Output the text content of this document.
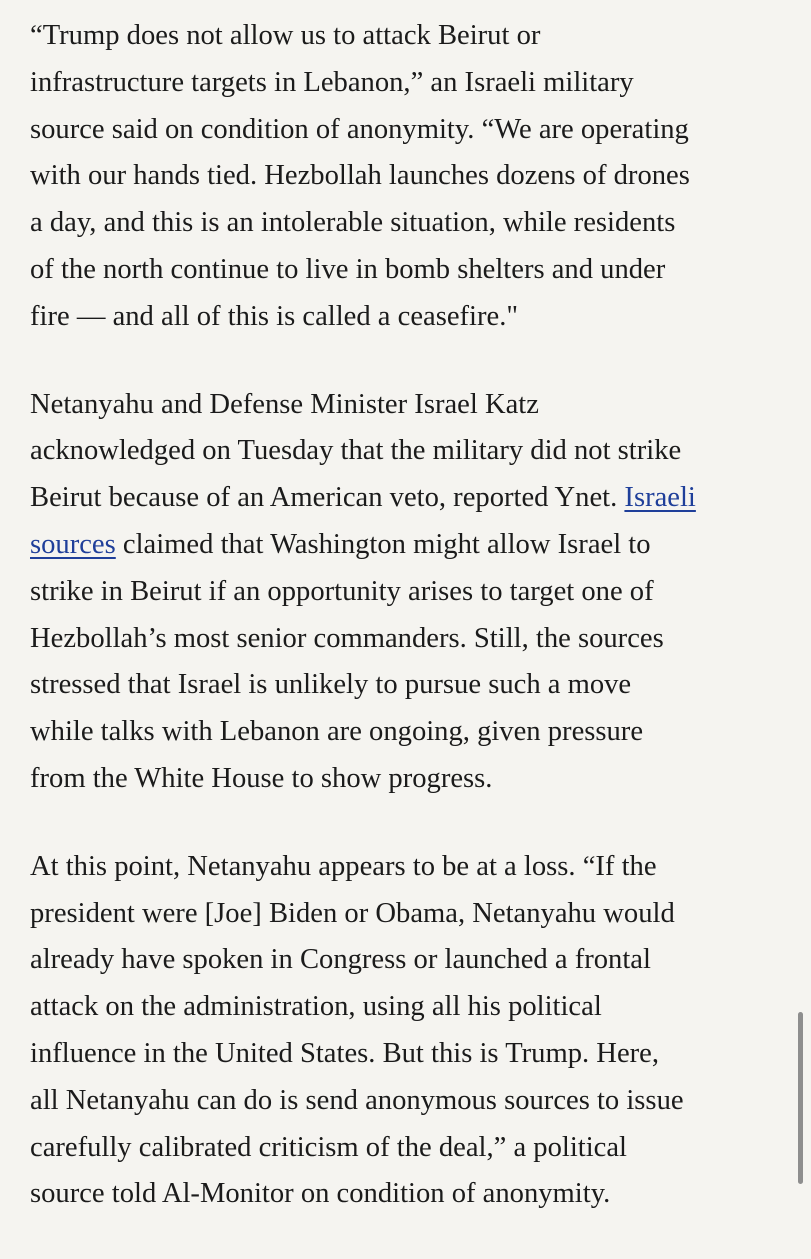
“Trump does not allow us to attack Beirut or
infrastructure targets in Lebanon,” an Israeli military
source said on condition of anonymity. “We are operating
with our hands tied. Hezbollah launches dozens of drones
a day, and this is an intolerable situation, while residents
of the north continue to live in bomb shelters and under
fire — and all of this is called a ceasefire."

Netanyahu and Defense Minister Israel Katz
acknowledged on Tuesday that the military did not strike
Beirut because of an American veto, reported Ynet. Israeli
sources claimed that Washington might allow Israel to
strike in Beirut if an opportunity arises to target one of
Hezbollah’s most senior commanders. Still, the sources
stressed that Israel is unlikely to pursue such a move
while talks with Lebanon are ongoing, given pressure
from the White House to show progress.

At this point, Netanyahu appears to be at a loss. “If the
president were [Joe] Biden or Obama, Netanyahu would
already have spoken in Congress or launched a frontal
attack on the administration, using all his political
influence in the United States. But this is Trump. Here,
all Netanyahu can do is send anonymous sources to issue
carefully calibrated criticism of the deal,” a political
source told Al-Monitor on condition of anonymity.
